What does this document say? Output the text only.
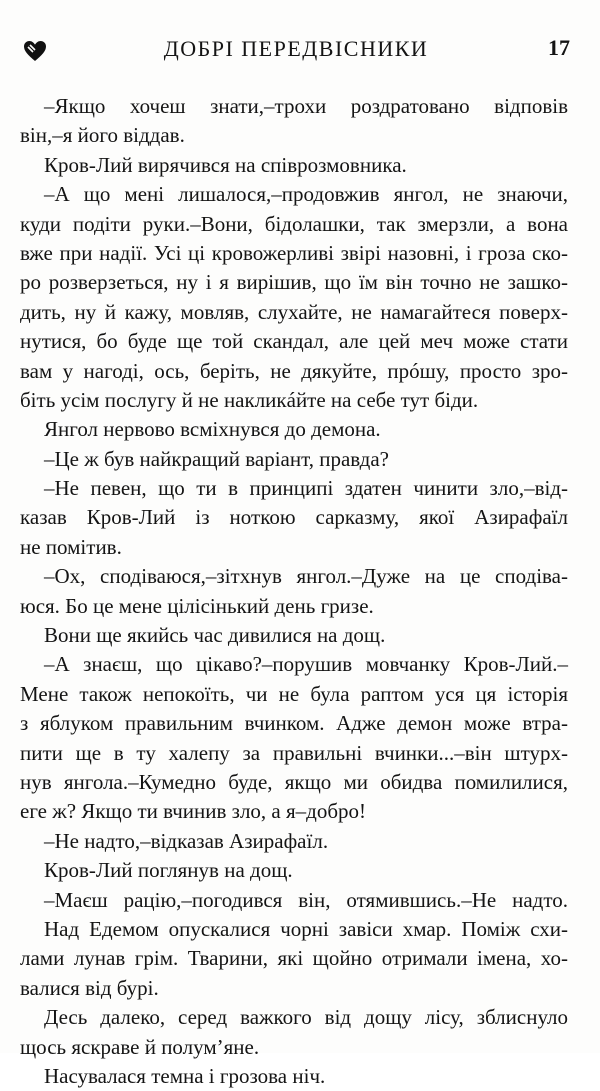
ДОБРІ ПЕРЕДВІСНИКИ	17
–Якщо хочеш знати,–трохи роздратовано відповів
він,–я його віддав.
Кров-Лий вирячився на співрозмовника.
–А що мені лишалося,–продовжив янгол, не знаючи,
куди подіти руки.–Вони, бідолашки, так змерзли, а вона
вже при надії. Усі ці кровожерливі звірі назовні, і гроза ско-
ро розверзеться, ну і я вирішив, що їм він точно не зашко-
дить, ну й кажу, мовляв, слухайте, не намагайтеся поверх-
нутися, бо буде ще той скандал, але цей меч може стати
вам у нагоді, ось, беріть, не дякуйте, прóшу, просто зро-
біть усім послугу й не накликáйте на себе тут біди.
Янгол нервово всміхнувся до демона.
–Це ж був найкращий варіант, правда?
–Не певен, що ти в принципі здатен чинити зло,–від-
казав Кров-Лий із ноткою сарказму, якої Азирафаїл
не помітив.
–Ох, сподіваюся,–зітхнув янгол.–Дуже на це сподіва-
юся. Бо це мене цілісінький день гризе.
Вони ще якийсь час дивилися на дощ.
–А знаєш, що цікаво?–порушив мовчанку Кров-Лий.–
Мене також непокоїть, чи не була раптом уся ця історія
з яблуком правильним вчинком. Адже демон може втра-
пити ще в ту халепу за правильні вчинки...–він штурх-
нув янгола.–Кумедно буде, якщо ми обидва помилилися,
еге ж? Якщо ти вчинив зло, а я–добро!
–Не надто,–відказав Азирафаїл.
Кров-Лий поглянув на дощ.
–Маєш рацію,–погодився він, отямившись.–Не надто.
Над Едемом опускалися чорні завіси хмар. Поміж схи-
лами лунав грім. Тварини, які щойно отримали імена, хо-
валися від бурі.
Десь далеко, серед важкого від дощу лісу, зблиснуло
щось яскраве й полум’яне.
Насувалася темна і грозова ніч.
